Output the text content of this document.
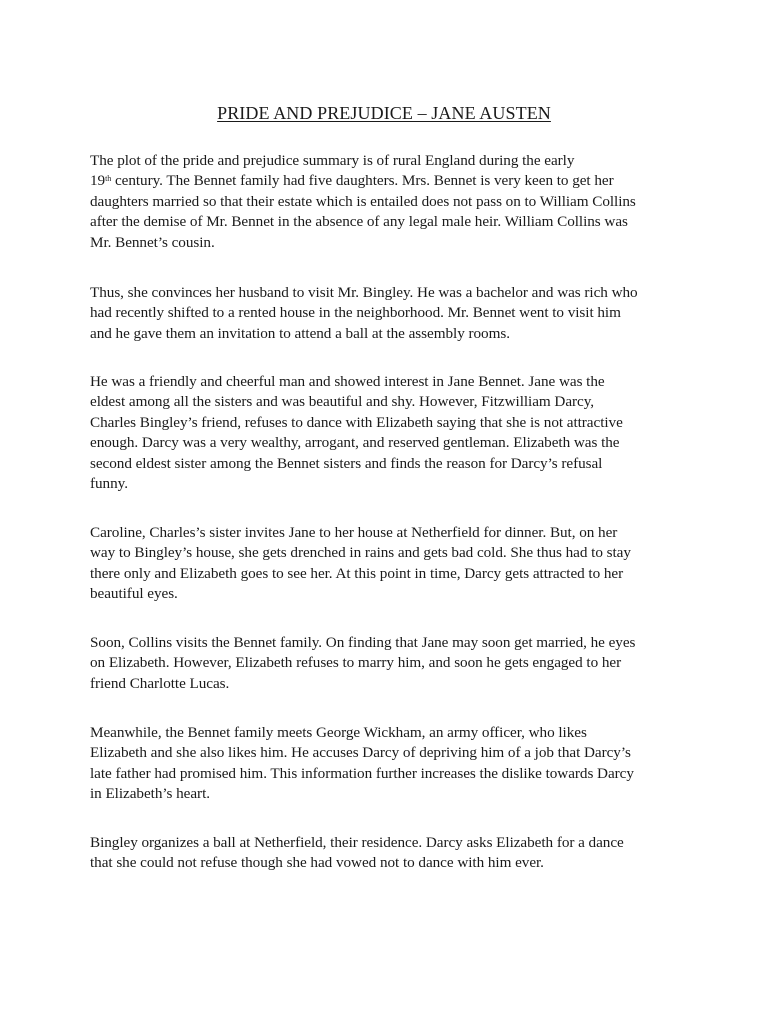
PRIDE AND PREJUDICE – JANE AUSTEN

The plot of the pride and prejudice summary is of rural England during the early
19th century. The Bennet family had five daughters. Mrs. Bennet is very keen to get her
daughters married so that their estate which is entailed does not pass on to William Collins
after the demise of Mr. Bennet in the absence of any legal male heir. William Collins was
Mr. Bennet’s cousin.

Thus, she convinces her husband to visit Mr. Bingley. He was a bachelor and was rich who
had recently shifted to a rented house in the neighborhood. Mr. Bennet went to visit him
and he gave them an invitation to attend a ball at the assembly rooms.

He was a friendly and cheerful man and showed interest in Jane Bennet. Jane was the
eldest among all the sisters and was beautiful and shy. However, Fitzwilliam Darcy,
Charles Bingley’s friend, refuses to dance with Elizabeth saying that she is not attractive
enough. Darcy was a very wealthy, arrogant, and reserved gentleman. Elizabeth was the
second eldest sister among the Bennet sisters and finds the reason for Darcy’s refusal
funny.

Caroline, Charles’s sister invites Jane to her house at Netherfield for dinner. But, on her
way to Bingley’s house, she gets drenched in rains and gets bad cold. She thus had to stay
there only and Elizabeth goes to see her. At this point in time, Darcy gets attracted to her
beautiful eyes.

Soon, Collins visits the Bennet family. On finding that Jane may soon get married, he eyes
on Elizabeth. However, Elizabeth refuses to marry him, and soon he gets engaged to her
friend Charlotte Lucas.

Meanwhile, the Bennet family meets George Wickham, an army officer, who likes
Elizabeth and she also likes him. He accuses Darcy of depriving him of a job that Darcy’s
late father had promised him. This information further increases the dislike towards Darcy
in Elizabeth’s heart.

Bingley organizes a ball at Netherfield, their residence. Darcy asks Elizabeth for a dance
that she could not refuse though she had vowed not to dance with him ever.
